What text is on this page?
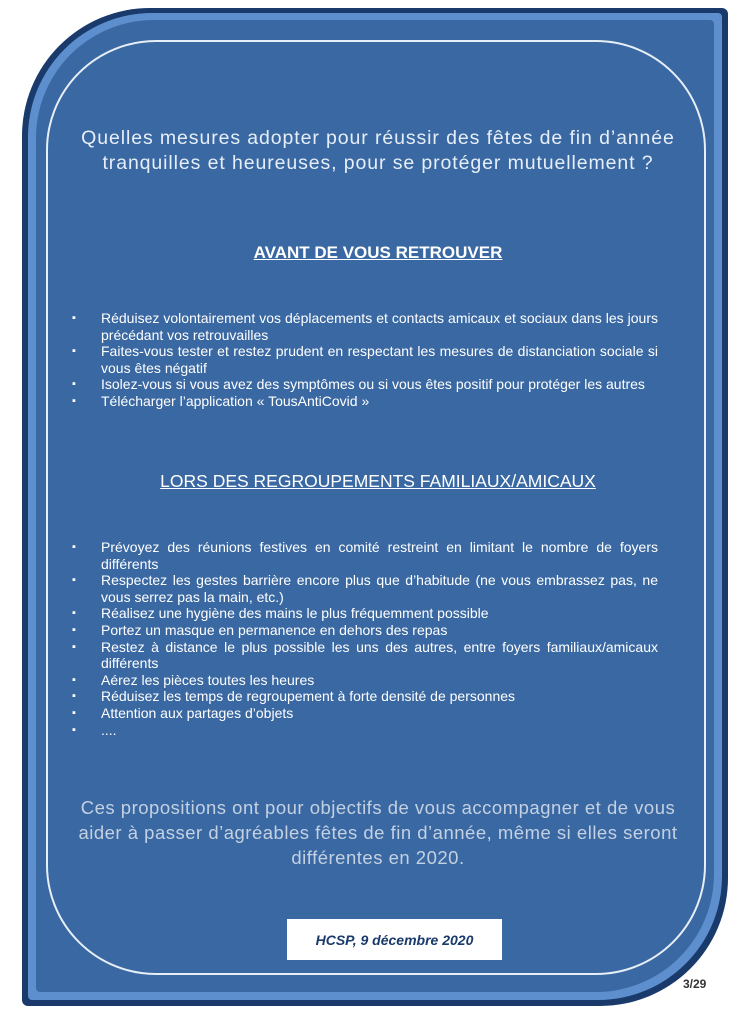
Quelles mesures adopter pour réussir des fêtes de fin d’année tranquilles et heureuses, pour se protéger mutuellement ?
AVANT DE VOUS RETROUVER
▪ Réduisez volontairement vos déplacements et contacts amicaux et sociaux dans les jours précédant vos retrouvailles
▪ Faites-vous tester et restez prudent en respectant les mesures de distanciation sociale si vous êtes négatif
▪ Isolez-vous si vous avez des symptômes ou si vous êtes positif pour protéger les autres
▪ Télécharger l’application « TousAntiCovid »
LORS DES REGROUPEMENTS FAMILIAUX/AMICAUX
▪ Prévoyez des réunions festives en comité restreint en limitant le nombre de foyers différents
▪ Respectez les gestes barrière encore plus que d’habitude (ne vous embrassez pas, ne vous serrez pas la main, etc.)
▪ Réalisez une hygiène des mains le plus fréquemment possible
▪ Portez un masque en permanence en dehors des repas
▪ Restez à distance le plus possible les uns des autres, entre foyers familiaux/amicaux différents
▪ Aérez les pièces toutes les heures
▪ Réduisez les temps de regroupement à forte densité de personnes
▪ Attention aux partages d’objets
▪ ....
Ces propositions ont pour objectifs de vous accompagner et de vous aider à passer d’agréables fêtes de fin d’année, même si elles seront différentes en 2020.
HCSP, 9 décembre 2020
3/29
